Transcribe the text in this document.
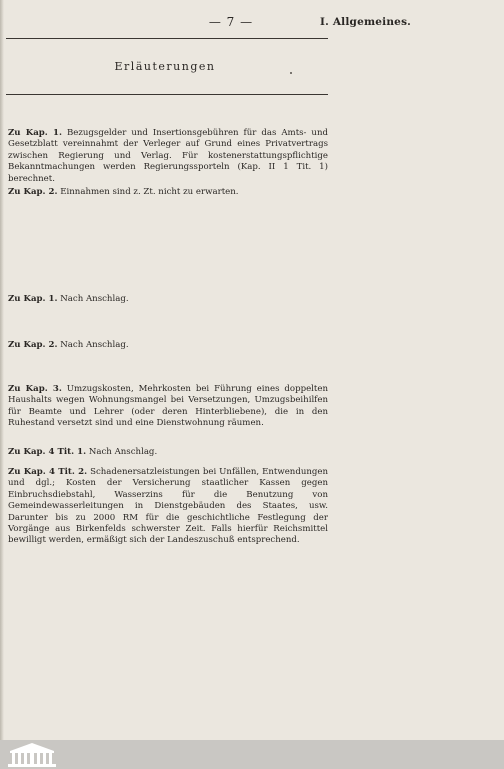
— 7 —	I. Allgemeines.
Erläuterungen
Zu Kap. 1. Bezugsgelder und Insertionsgebühren für das Amts- und Gesetzblatt vereinnahmt der Verleger auf Grund eines Privatvertrags zwischen Regierung und Verlag. Für kostenerstattungspflichtige Bekanntmachungen werden Regierungssporteln (Kap. II 1 Tit. 1) berechnet.
Zu Kap. 2. Einnahmen sind z. Zt. nicht zu erwarten.
Zu Kap. 1. Nach Anschlag.
Zu Kap. 2. Nach Anschlag.
Zu Kap. 3. Umzugskosten, Mehrkosten bei Führung eines doppelten Haushalts wegen Wohnungsmangel bei Versetzungen, Umzugsbeihilfen für Beamte und Lehrer (oder deren Hinterbliebene), die in den Ruhestand versetzt sind und eine Dienstwohnung räumen.
Zu Kap. 4 Tit. 1. Nach Anschlag.
Zu Kap. 4 Tit. 2. Schadenersatzleistungen bei Unfällen, Entwendungen und dgl.; Kosten der Versicherung staatlicher Kassen gegen Einbruchsdiebstahl, Wasserzins für die Benutzung von Gemeindewasserleitungen in Dienstgebäuden des Staates, usw. Darunter bis zu 2000 RM für die geschichtliche Festlegung der Vorgänge aus Birkenfelds schwerster Zeit. Falls hierfür Reichsmittel bewilligt werden, ermäßigt sich der Landeszuschuß entsprechend.
